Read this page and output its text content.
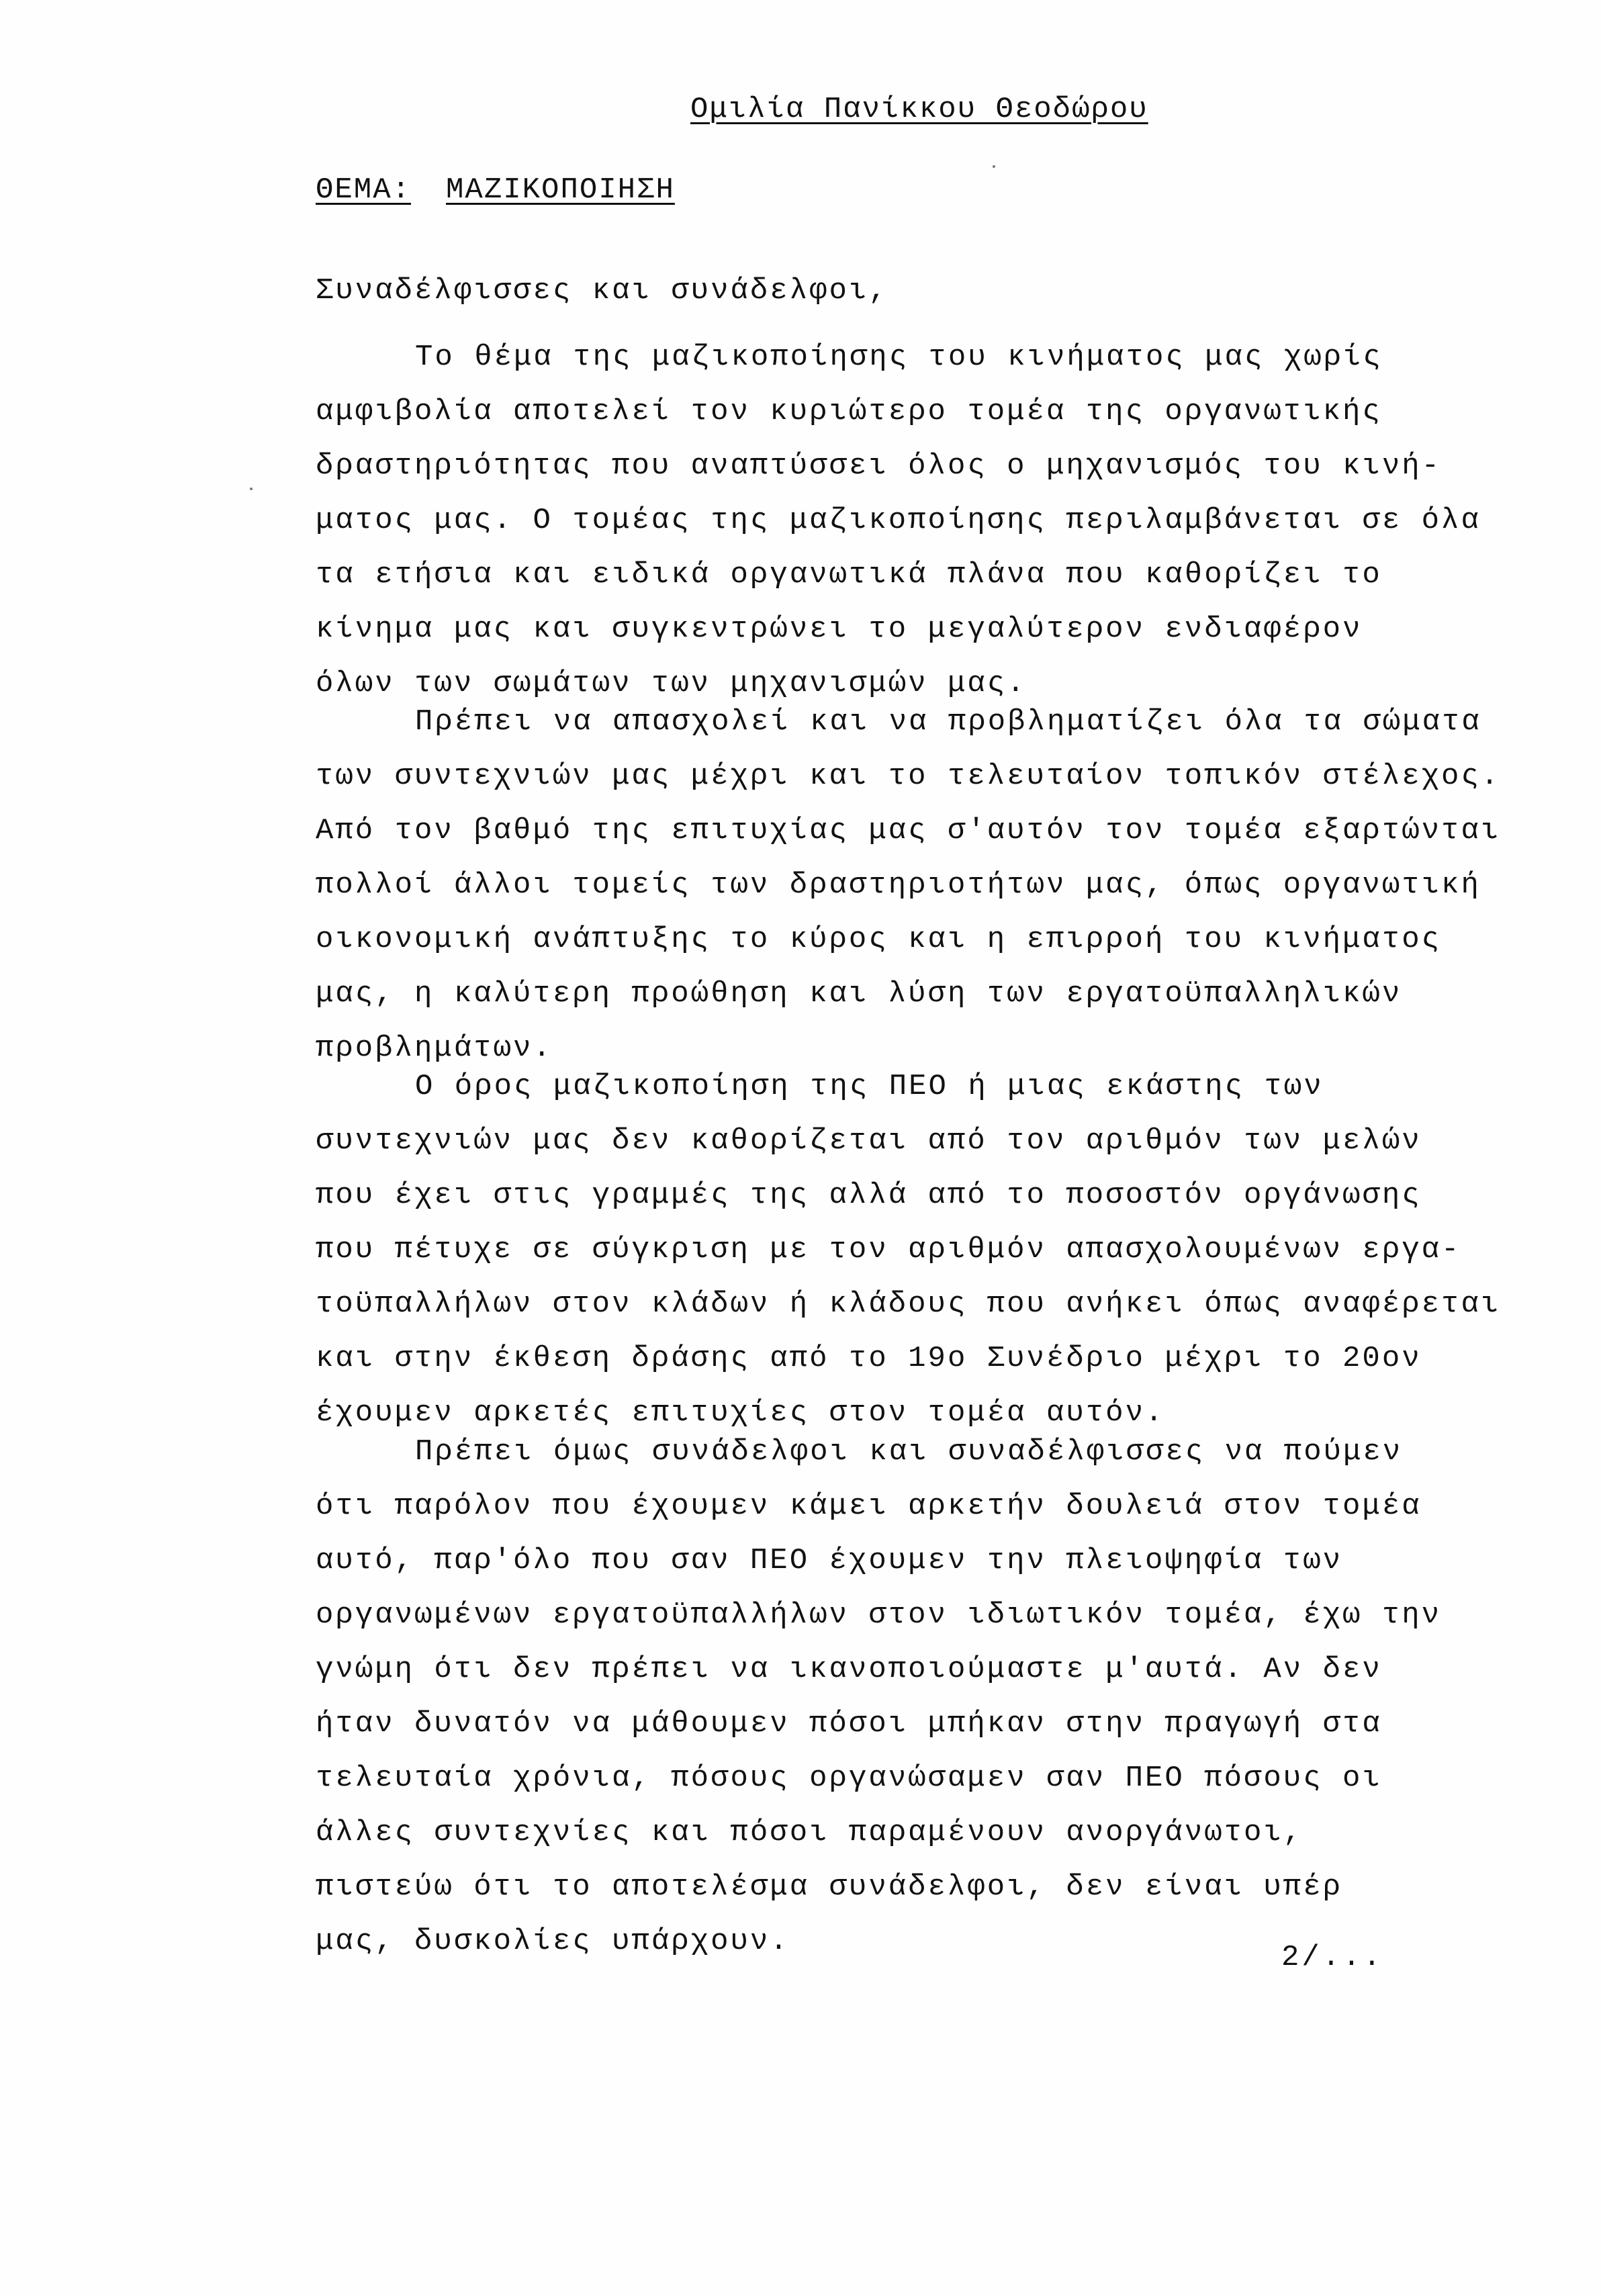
Ομιλία Πανίκκου Θεοδώρου
ΘΕΜΑ: ΜΑΖΙΚΟΠΟΙΗΣΗ
Συναδέλφισσες και συνάδελφοι,
Το θέμα της μαζικοποίησης του κινήματος μας χωρίς
αμφιβολία αποτελεί τον κυριώτερο τομέα της οργανωτικής
δραστηριότητας που αναπτύσσει όλος ο μηχανισμός του κινή-
ματος μας. Ο τομέας της μαζικοποίησης περιλαμβάνεται σε όλα
τα ετήσια και ειδικά οργανωτικά πλάνα που καθορίζει το
κίνημα μας και συγκεντρώνει το μεγαλύτερον ενδιαφέρον
όλων των σωμάτων των μηχανισμών μας.
Πρέπει να απασχολεί και να προβληματίζει όλα τα σώματα
των συντεχνιών μας μέχρι και το τελευταίον τοπικόν στέλεχος.
Από τον βαθμό της επιτυχίας μας σ'αυτόν τον τομέα εξαρτώνται
πολλοί άλλοι τομείς των δραστηριοτήτων μας, όπως οργανωτική
οικονομική ανάπτυξης το κύρος και η επιρροή του κινήματος
μας, η καλύτερη προώθηση και λύση των εργατοϋπαλληλικών
προβλημάτων.
Ο όρος μαζικοποίηση της ΠΕΟ ή μιας εκάστης των
συντεχνιών μας δεν καθορίζεται από τον αριθμόν των μελών
που έχει στις γραμμές της αλλά από το ποσοστόν οργάνωσης
που πέτυχε σε σύγκριση με τον αριθμόν απασχολουμένων εργα-
τοϋπαλλήλων στον κλάδων ή κλάδους που ανήκει όπως αναφέρεται
και στην έκθεση δράσης από το 19ο Συνέδριο μέχρι το 20ον
έχουμεν αρκετές επιτυχίες στον τομέα αυτόν.
Πρέπει όμως συνάδελφοι και συναδέλφισσες να πούμεν
ότι παρόλον που έχουμεν κάμει αρκετήν δουλειά στον τομέα
αυτό, παρ'όλο που σαν ΠΕΟ έχουμεν την πλειοψηφία των
οργανωμένων εργατοϋπαλλήλων στον ιδιωτικόν τομέα, έχω την
γνώμη ότι δεν πρέπει να ικανοποιούμαστε μ'αυτά. Αν δεν
ήταν δυνατόν να μάθουμεν πόσοι μπήκαν στην πραγωγή στα
τελευταία χρόνια, πόσους οργανώσαμεν σαν ΠΕΟ πόσους οι
άλλες συντεχνίες και πόσοι παραμένουν ανοργάνωτοι,
πιστεύω ότι το αποτελέσμα συνάδελφοι, δεν είναι υπέρ
μας, δυσκολίες υπάρχουν.	2/...
